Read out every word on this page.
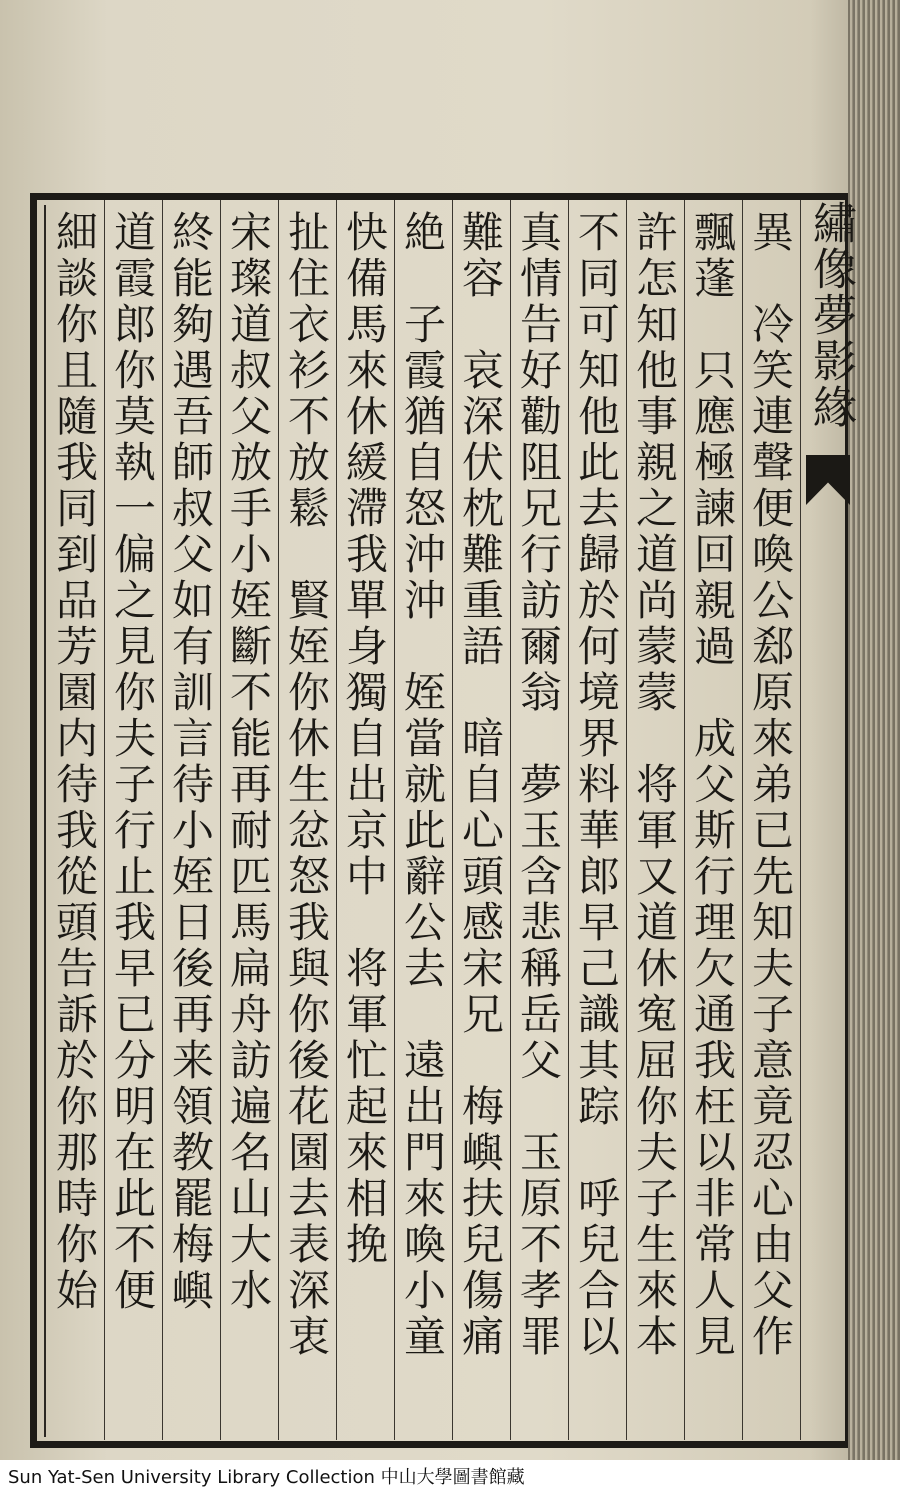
繡像夢影緣
異　冷笑連聲便喚公郄原來弟已先知夫子意竟忍心由父作
飄蓬　只應極諫回親過　成父斯行理欠通我枉以非常人見
許怎知他事親之道尚蒙蒙　将軍又道休寃屈你夫子生來本
不同可知他此去歸於何境界料華郎早己識其踪　呼兒合以
真情告好勸阻兄行訪爾翁　夢玉含悲稱岳父　玉原不孝罪
難容　哀深伏枕難重語　暗自心頭感宋兄　梅嶼扶兒傷痛
絶　子霞猶自怒沖沖　姪當就此辭公去　遠出門來喚小童
快備馬來休緩滯我單身獨自出京中　将軍忙起來相挽
扯住衣衫不放鬆　賢姪你休生忿怒我與你後花園去表深衷
宋璨道叔父放手小姪斷不能再耐匹馬扁舟訪遍名山大水
終能夠遇吾師叔父如有訓言待小姪日後再来領教罷梅嶼
道霞郎你莫執一偏之見你夫子行止我早已分明在此不便
細談你且隨我同到品芳園内待我從頭告訴於你那時你始
Sun Yat-Sen University Library Collection 中山大學圖書館藏
